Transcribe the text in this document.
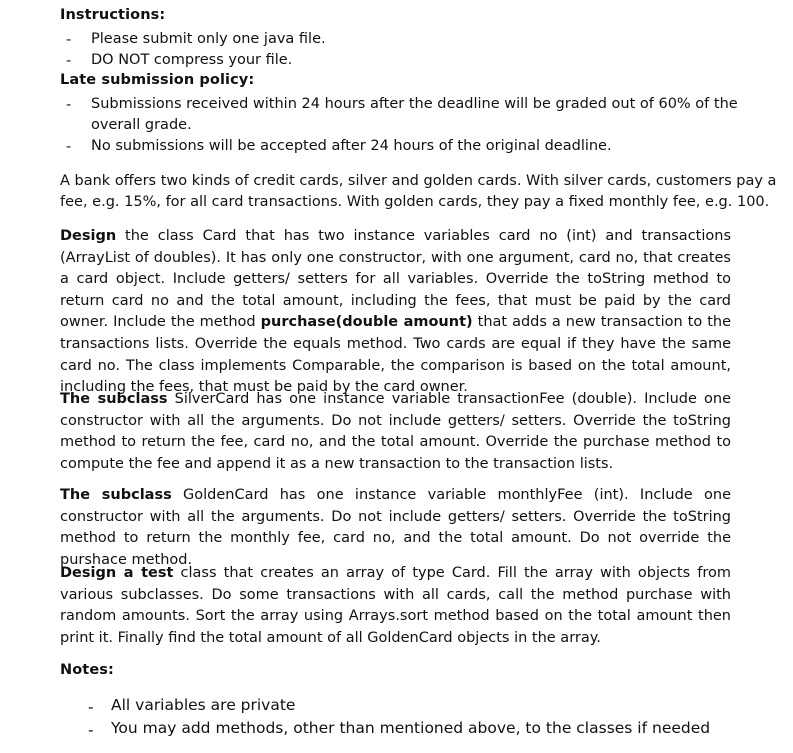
Instructions:
- Please submit only one java file.
- DO NOT compress your file.
Late submission policy:
- Submissions received within 24 hours after the deadline will be graded out of 60% of the
overall grade.
- No submissions will be accepted after 24 hours of the original deadline.
A bank offers two kinds of credit cards, silver and golden cards. With silver cards, customers pay a
fee, e.g. 15%, for all card transactions. With golden cards, they pay a fixed monthly fee, e.g. 100.
Design the class Card that has two instance variables card no (int) and transactions (ArrayList of doubles). It has only one constructor, with one argument, card no, that creates a card object. Include getters/ setters for all variables. Override the toString method to return card no and the total amount, including the fees, that must be paid by the card owner. Include the method purchase(double amount) that adds a new transaction to the transactions lists. Override the equals method. Two cards are equal if they have the same card no. The class implements Comparable, the comparison is based on the total amount, including the fees, that must be paid by the card owner.
The subclass SilverCard has one instance variable transactionFee (double). Include one constructor with all the arguments. Do not include getters/ setters. Override the toString method to return the fee, card no, and the total amount. Override the purchase method to compute the fee and append it as a new transaction to the transaction lists.
The subclass GoldenCard has one instance variable monthlyFee (int). Include one constructor with all the arguments. Do not include getters/ setters. Override the toString method to return the monthly fee, card no, and the total amount. Do not override the purshace method.
Design a test class that creates an array of type Card. Fill the array with objects from various subclasses. Do some transactions with all cards, call the method purchase with random amounts. Sort the array using Arrays.sort method based on the total amount then print it. Finally find the total amount of all GoldenCard objects in the array.
Notes:
- All variables are private
- You may add methods, other than mentioned above, to the classes if needed
